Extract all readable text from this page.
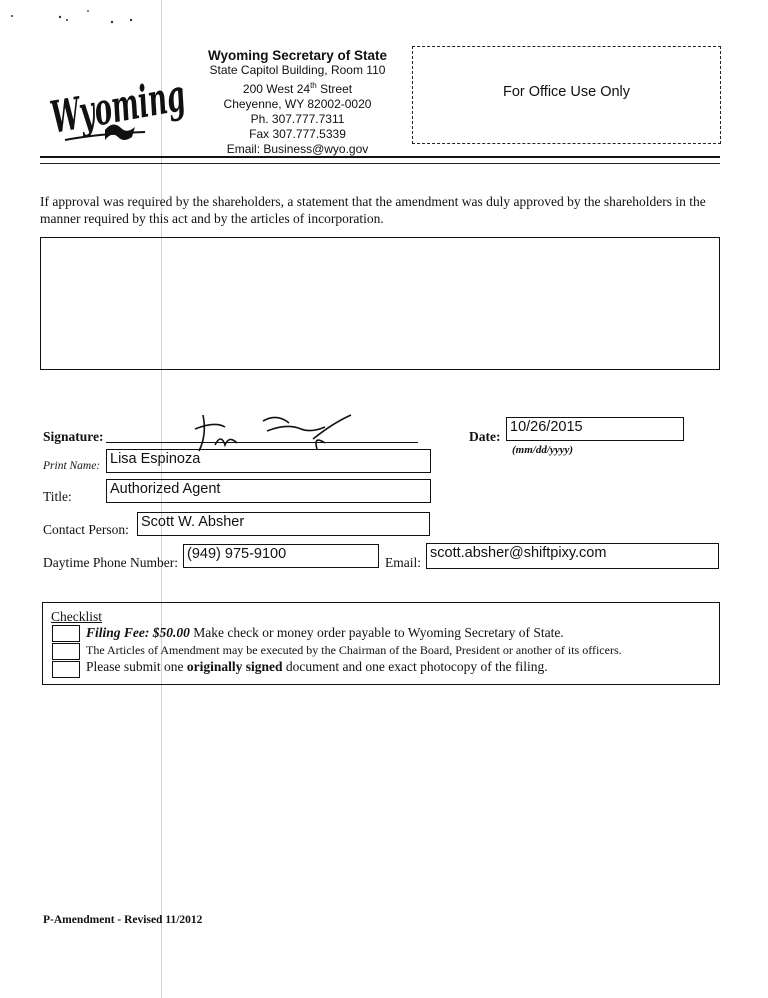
Wyoming
Wyoming Secretary of State
State Capitol Building, Room 110
200 West 24th Street
Cheyenne, WY 82002-0020
Ph. 307.777.7311
Fax 307.777.5339
Email: Business@wyo.gov
For Office Use Only
If approval was required by the shareholders, a statement that the amendment was duly approved by the shareholders in the manner required by this act and by the articles of incorporation.
Signature:	Date:
10/26/2015
(mm/dd/yyyy)
Print Name: Lisa Espinoza
Title:	Authorized Agent
Contact Person: Scott W. Absher
Daytime Phone Number:
(949) 975-9100
Email:
scott.absher@shiftpixy.com
Checklist
Filing Fee: $50.00 Make check or money order payable to Wyoming Secretary of State.
The Articles of Amendment may be executed by the Chairman of the Board, President or another of its officers.
Please submit one originally signed document and one exact photocopy of the filing.
P-Amendment - Revised 11/2012
